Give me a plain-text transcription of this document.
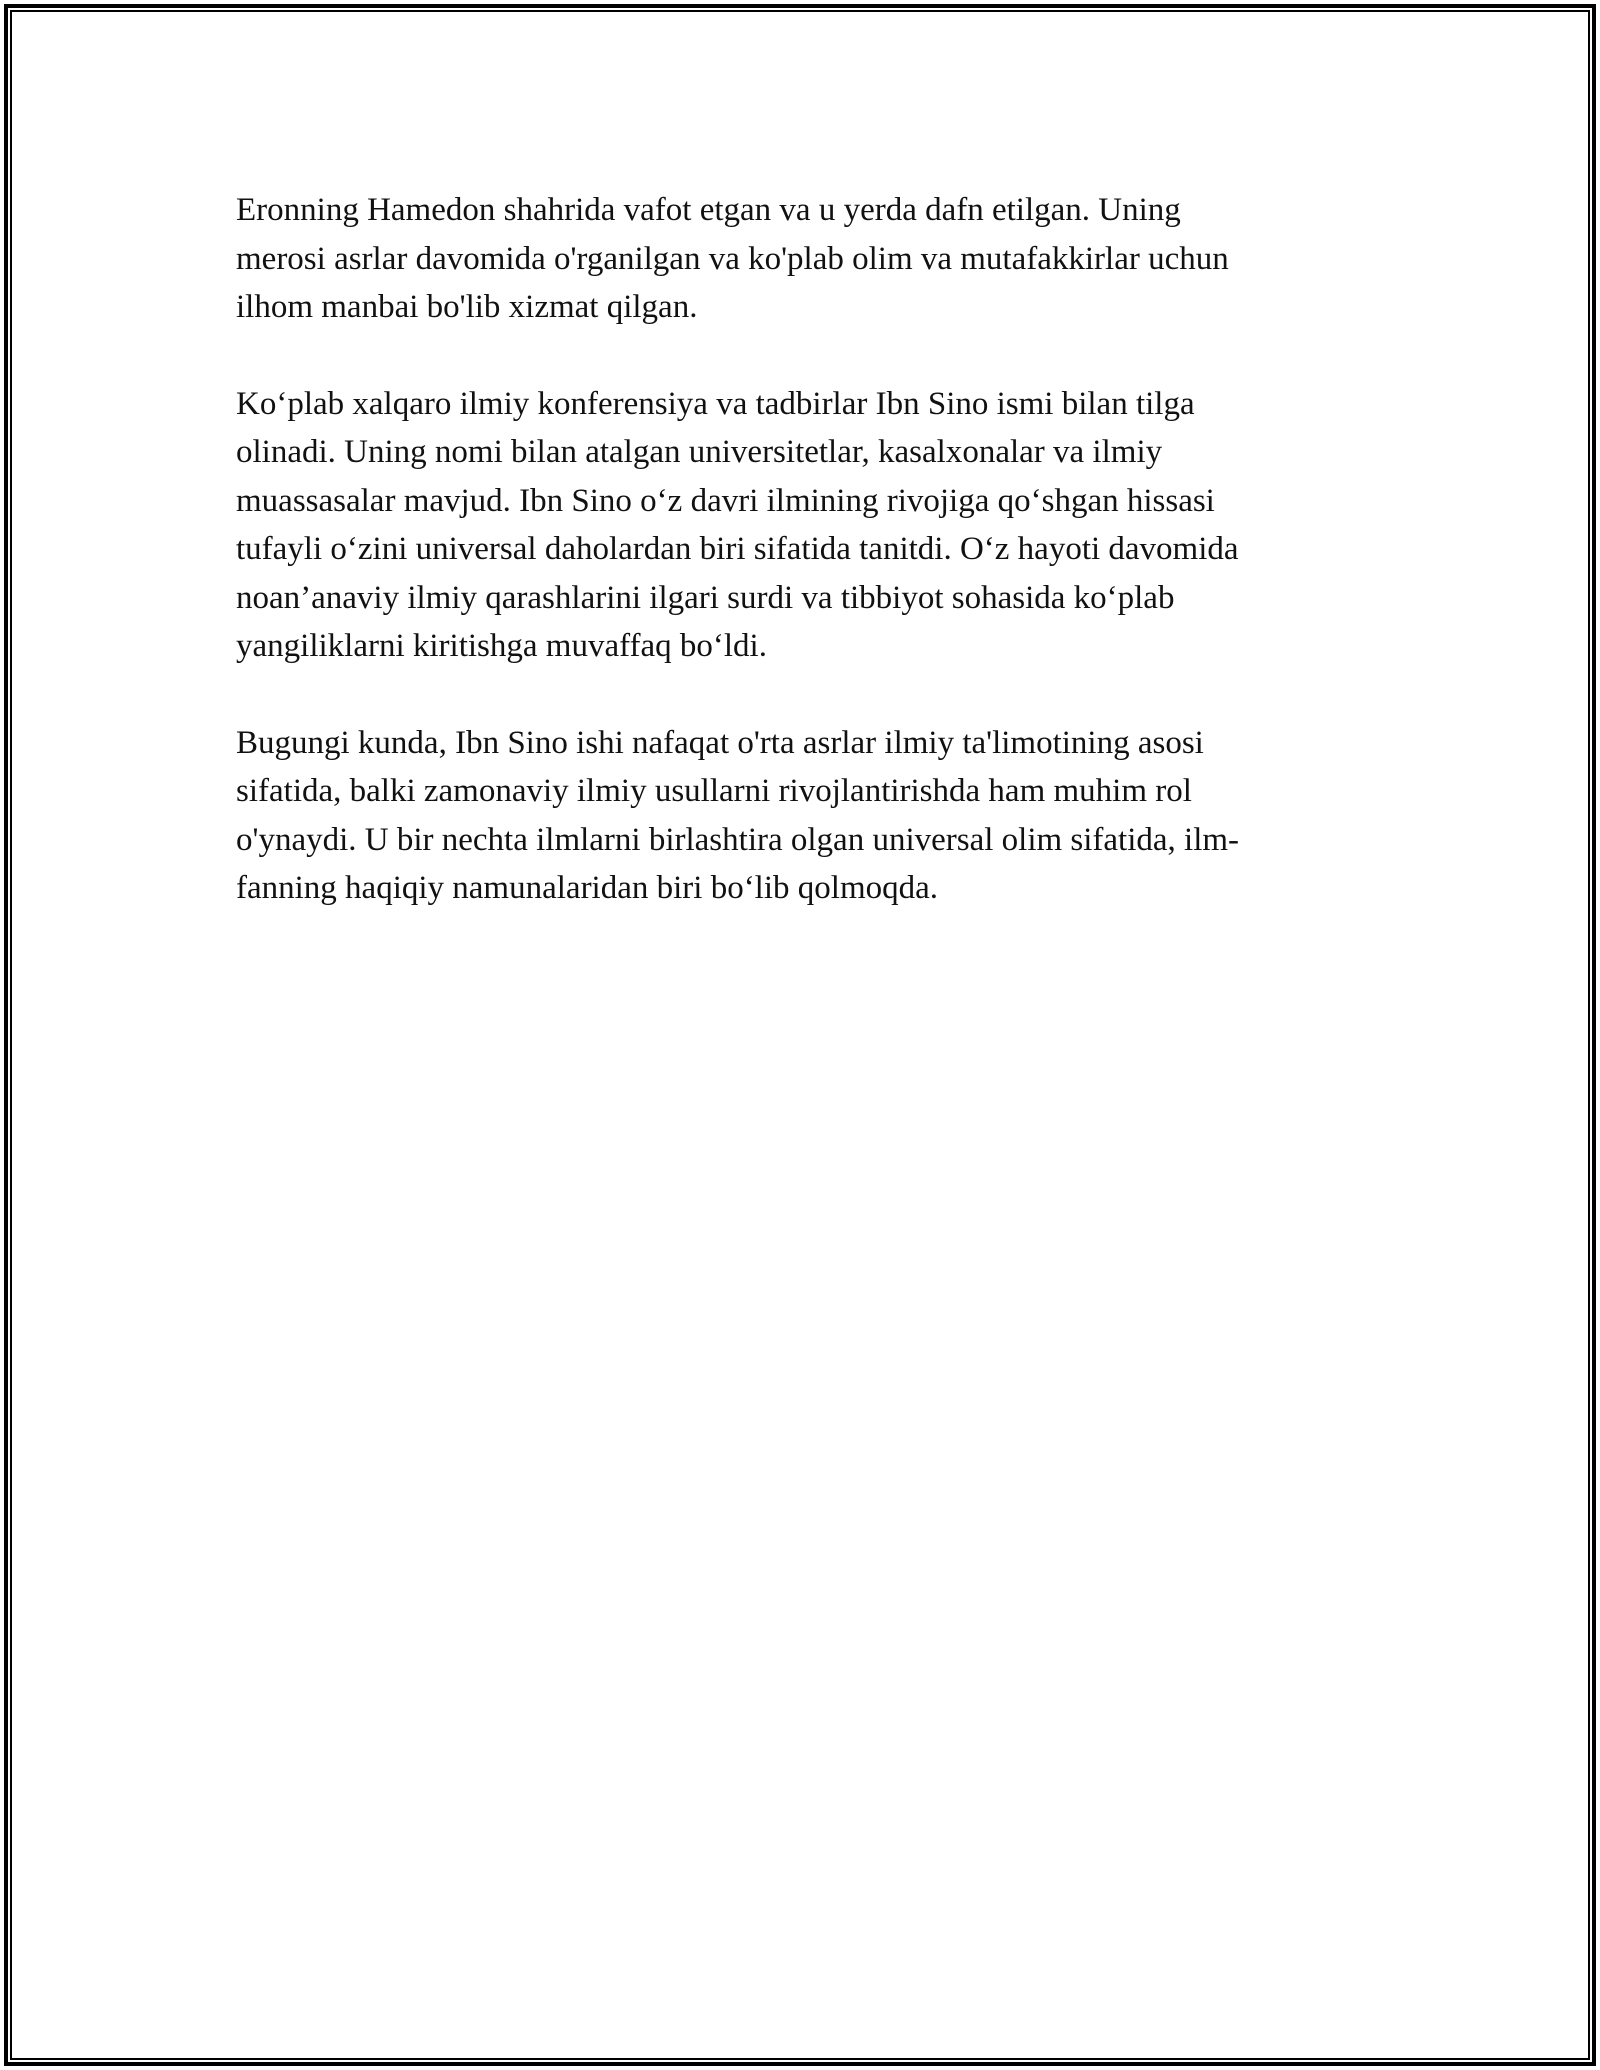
Eronning Hamedon shahrida vafot etgan va u yerda dafn etilgan. Uning
merosi asrlar davomida o'rganilgan va ko'plab olim va mutafakkirlar uchun
ilhom manbai bo'lib xizmat qilgan.

Ko‘plab xalqaro ilmiy konferensiya va tadbirlar Ibn Sino ismi bilan tilga
olinadi. Uning nomi bilan atalgan universitetlar, kasalxonalar va ilmiy
muassasalar mavjud. Ibn Sino o‘z davri ilmining rivojiga qo‘shgan hissasi
tufayli o‘zini universal daholardan biri sifatida tanitdi. O‘z hayoti davomida
noan’anaviy ilmiy qarashlarini ilgari surdi va tibbiyot sohasida ko‘plab
yangiliklarni kiritishga muvaffaq bo‘ldi.

Bugungi kunda, Ibn Sino ishi nafaqat o'rta asrlar ilmiy ta'limotining asosi
sifatida, balki zamonaviy ilmiy usullarni rivojlantirishda ham muhim rol
o'ynaydi. U bir nechta ilmlarni birlashtira olgan universal olim sifatida, ilm-
fanning haqiqiy namunalaridan biri bo‘lib qolmoqda.
